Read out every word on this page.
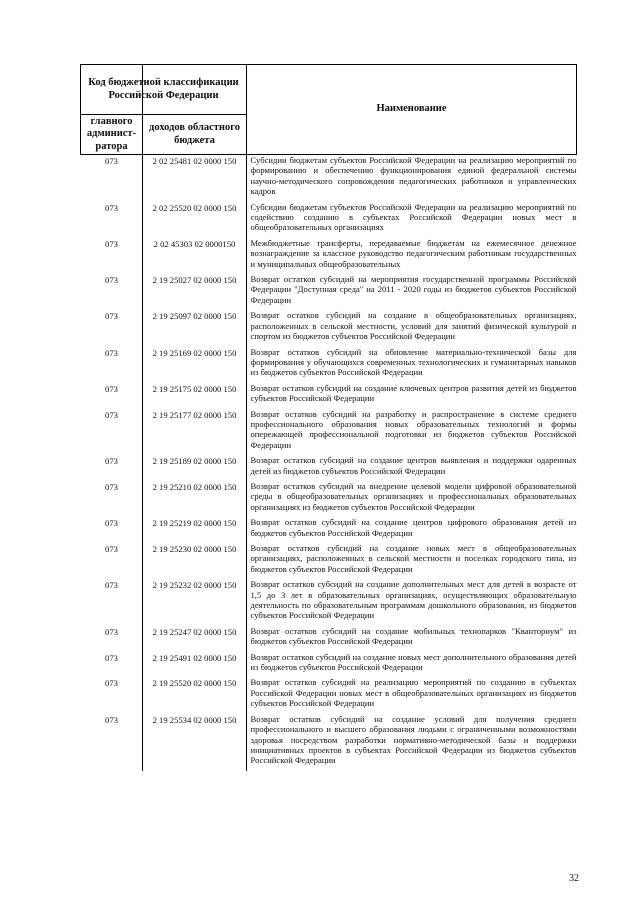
Код бюджетной классификации Российской Федерации		Наименование
главного админист-ратора	доходов областного бюджета	
073	2 02 25481 02 0000 150	Субсидии бюджетам субъектов Российской Федерации на реализацию мероприятий по формированию и обеспечению функционирования единой федеральной системы научно-методического сопровождения педагогических работников и управленческих кадров
073	2 02 25520 02 0000 150	Субсидии бюджетам субъектов Российской Федерации на реализацию мероприятий по содействию созданию в субъектах Российской Федерации новых мест в общеобразовательных организациях
073	2 02 45303 02 0000150	Межбюджетные трансферты, передаваемые бюджетам на ежемесячное денежное вознаграждение за классное руководство педагогическим работникам государственных и муниципальных общеобразовательных
073	2 19 25027 02 0000 150	Возврат остатков субсидий на мероприятия государственной программы Российской Федерации "Доступная среда" на 2011 - 2020 годы из бюджетов субъектов Российской Федерации
073	2 19 25097 02 0000 150	Возврат остатков субсидий на создание в общеобразовательных организациях, расположенных в сельской местности, условий для занятий физической культурой и спортом из бюджетов субъектов Российской Федерации
073	2 19 25169 02 0000 150	Возврат остатков субсидий на обновление материально-технической базы для формирования у обучающихся современных технологических и гуманитарных навыков из бюджетов субъектов Российской Федерации
073	2 19 25175 02 0000 150	Возврат остатков субсидий на создание ключевых центров развития детей из бюджетов субъектов Российской Федерации
073	2 19 25177 02 0000 150	Возврат остатков субсидий на разработку и распространение в системе среднего профессионального образования новых образовательных технологий и формы опережающей профессиональной подготовки из бюджетов субъектов Российской Федерации
073	2 19 25189 02 0000 150	Возврат остатков субсидий на создание центров выявления и поддержки одаренных детей из бюджетов субъектов Российской Федерации
073	2 19 25210 02 0000 150	Возврат остатков субсидий на внедрение целевой модели цифровой образовательной среды в общеобразовательных организациях и профессиональных образовательных организациях из бюджетов субъектов Российской Федерации
073	2 19 25219 02 0000 150	Возврат остатков субсидий на создание центров цифрового образования детей из бюджетов субъектов Российской Федерации
073	2 19 25230 02 0000 150	Возврат остатков субсидий на создание новых мест в общеобразовательных организациях, расположенных в сельской местности и поселках городского типа, из бюджетов субъектов Российской Федерации
073	2 19 25232 02 0000 150	Возврат остатков субсидий на создание дополнительных мест для детей в возрасте от 1,5 до 3 лет в образовательных организациях, осуществляющих образовательную деятельность по образовательным программам дошкольного образования, из бюджетов субъектов Российской Федерации
073	2 19 25247 02 0000 150	Возврат остатков субсидий на создание мобильных технопарков "Кванториум" из бюджетов субъектов Российской Федерации
073	2 19 25491 02 0000 150	Возврат остатков субсидий на создание новых мест дополнительного образования детей из бюджетов субъектов Российской Федерации
073	2 19 25520 02 0000 150	Возврат остатков субсидий на реализацию мероприятий по созданию в субъектах Российской Федерации новых мест в общеобразовательных организациях из бюджетов субъектов Российской Федерации
073	2 19 25534 02 0000 150	Возврат остатков субсидий на создание условий для получения среднего профессионального и высшего образования людьми с ограниченными возможностями здоровья посредством разработки нормативно-методической базы и поддержки инициативных проектов в субъектах Российской Федерации из бюджетов субъектов Российской Федерации
32
